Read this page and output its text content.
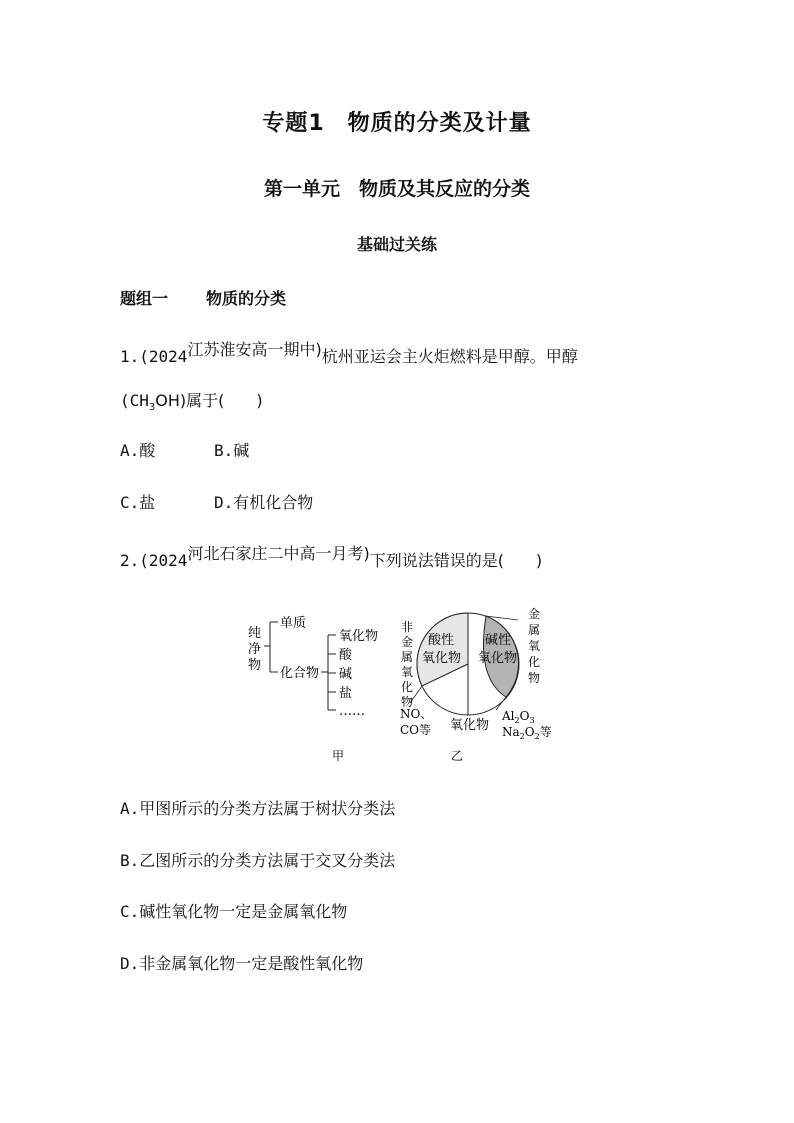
专题1　物质的分类及计量
第一单元　物质及其反应的分类
基础过关练
题组一 物质的分类
1.(2024江苏淮安高一期中)杭州亚运会主火炬燃料是甲醇。甲醇
$(CH_3OH)$属于(　　)
A.酸	B.碱
C.盐	D.有机化合物
2.(2024河北石家庄二中高一月考)下列说法错误的是(　　)
纯
净
物
单质
化合物
氧化物
酸
碱
盐
……
甲
酸性
氧化物
碱性
氧化物
氧化物
非
金
属
氧
化
物
金
属
氧
化
物
NO、
CO等
$Al_2O_3$
$Na_2O_2$等
乙
A.甲图所示的分类方法属于树状分类法
B.乙图所示的分类方法属于交叉分类法
C.碱性氧化物一定是金属氧化物
D.非金属氧化物一定是酸性氧化物
